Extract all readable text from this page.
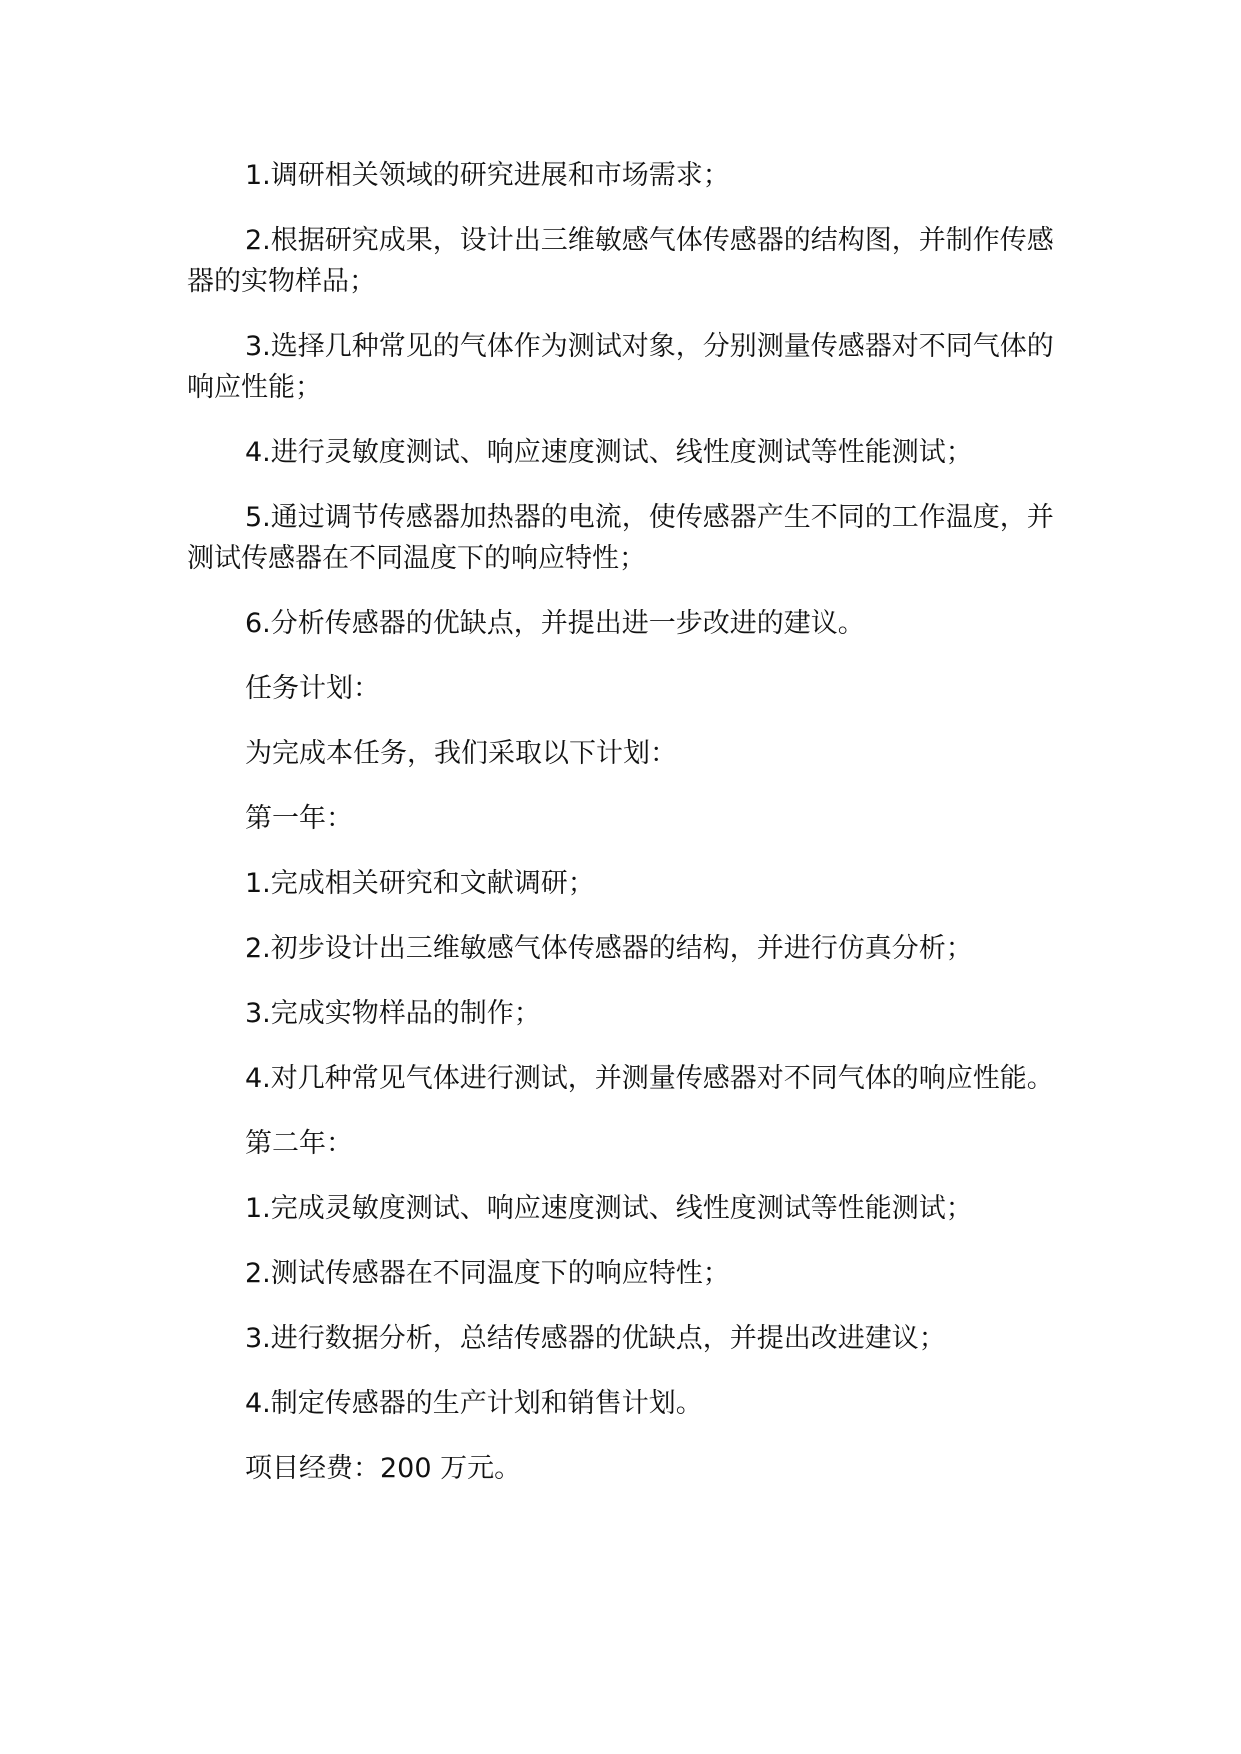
1.调研相关领域的研究进展和市场需求；

2.根据研究成果，设计出三维敏感气体传感器的结构图，并制作传感器的实物样品；

3.选择几种常见的气体作为测试对象，分别测量传感器对不同气体的响应性能；

4.进行灵敏度测试、响应速度测试、线性度测试等性能测试；

5.通过调节传感器加热器的电流，使传感器产生不同的工作温度，并测试传感器在不同温度下的响应特性；

6.分析传感器的优缺点，并提出进一步改进的建议。

任务计划：

为完成本任务，我们采取以下计划：

第一年：

1.完成相关研究和文献调研；

2.初步设计出三维敏感气体传感器的结构，并进行仿真分析；

3.完成实物样品的制作；

4.对几种常见气体进行测试，并测量传感器对不同气体的响应性能。

第二年：

1.完成灵敏度测试、响应速度测试、线性度测试等性能测试；

2.测试传感器在不同温度下的响应特性；

3.进行数据分析，总结传感器的优缺点，并提出改进建议；

4.制定传感器的生产计划和销售计划。

项目经费：200 万元。
